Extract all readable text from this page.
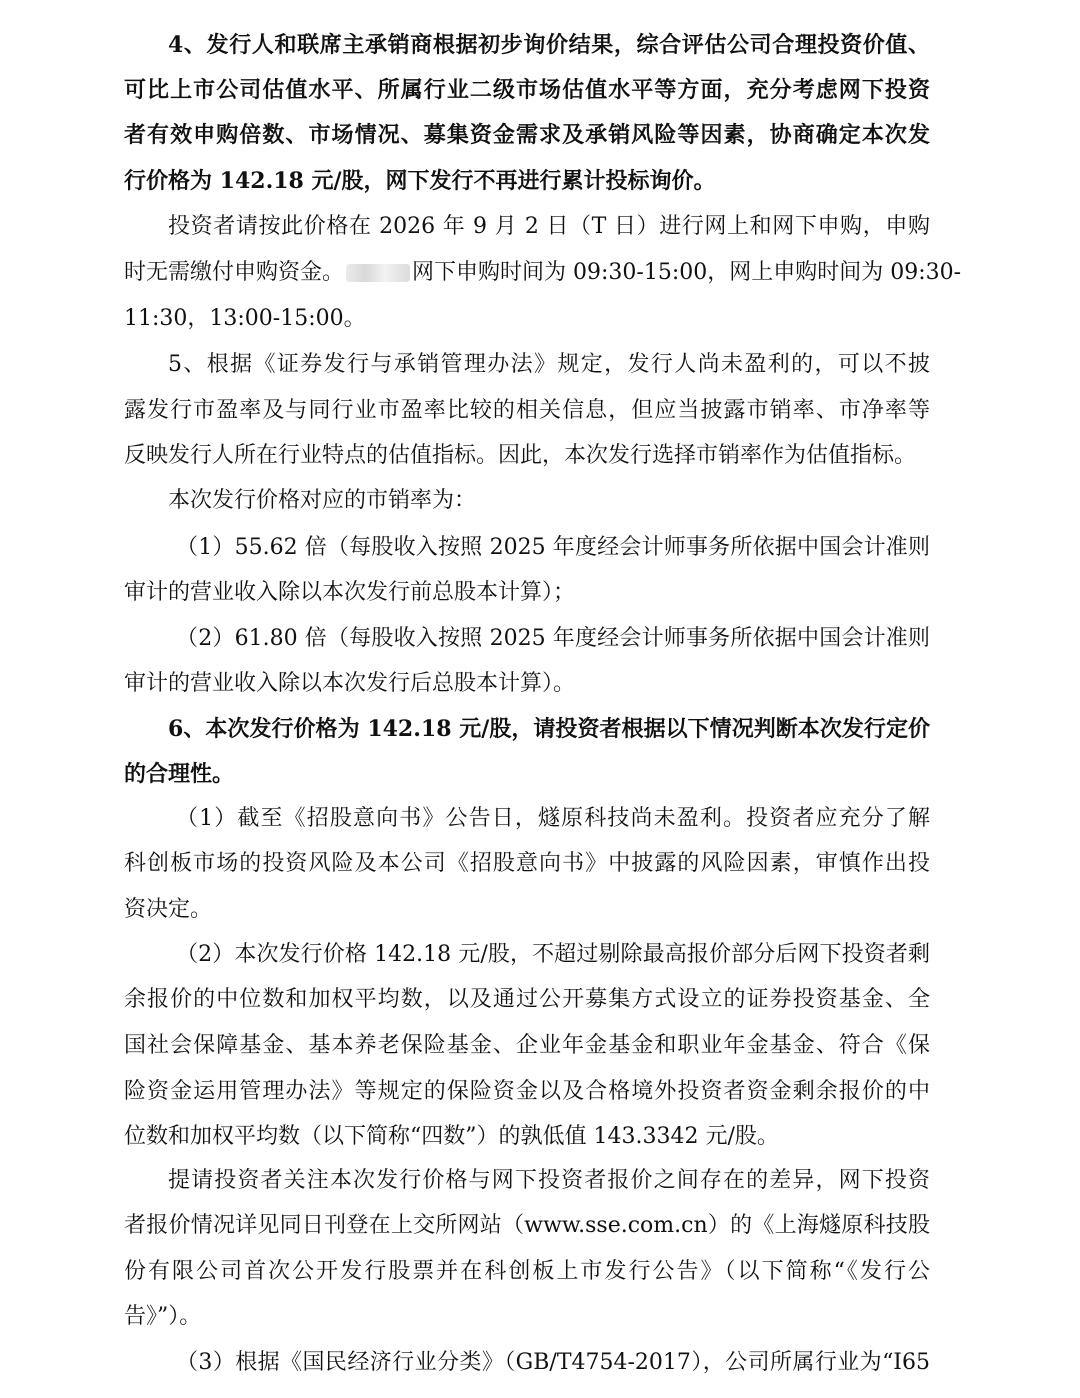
4、发行人和联席主承销商根据初步询价结果，综合评估公司合理投资价值、
可比上市公司估值水平、所属行业二级市场估值水平等方面，充分考虑网下投资
者有效申购倍数、市场情况、募集资金需求及承销风险等因素，协商确定本次发
行价格为 142.18 元/股，网下发行不再进行累计投标询价。
投资者请按此价格在 2026 年 9 月 2 日（T 日）进行网上和网下申购，申购
时无需缴付申购资金。	网下申购时间为 09:30-15:00，网上申购时间为 09:30-
11:30，13:00-15:00。
5、根据《证券发行与承销管理办法》规定，发行人尚未盈利的，可以不披
露发行市盈率及与同行业市盈率比较的相关信息，但应当披露市销率、市净率等
反映发行人所在行业特点的估值指标。因此，本次发行选择市销率作为估值指标。
本次发行价格对应的市销率为：
（1）55.62 倍（每股收入按照 2025 年度经会计师事务所依据中国会计准则
审计的营业收入除以本次发行前总股本计算）；
（2）61.80 倍（每股收入按照 2025 年度经会计师事务所依据中国会计准则
审计的营业收入除以本次发行后总股本计算）。
6、本次发行价格为 142.18 元/股，请投资者根据以下情况判断本次发行定价
的合理性。
（1）截至《招股意向书》公告日，燧原科技尚未盈利。投资者应充分了解
科创板市场的投资风险及本公司《招股意向书》中披露的风险因素，审慎作出投
资决定。
（2）本次发行价格 142.18 元/股，不超过剔除最高报价部分后网下投资者剩
余报价的中位数和加权平均数，以及通过公开募集方式设立的证券投资基金、全
国社会保障基金、基本养老保险基金、企业年金基金和职业年金基金、符合《保
险资金运用管理办法》等规定的保险资金以及合格境外投资者资金剩余报价的中
位数和加权平均数（以下简称“四数”）的孰低值 143.3342 元/股。
提请投资者关注本次发行价格与网下投资者报价之间存在的差异，网下投资
者报价情况详见同日刊登在上交所网站（www.sse.com.cn）的《上海燧原科技股
份有限公司首次公开发行股票并在科创板上市发行公告》（以下简称“《发行公
告》”）。
（3）根据《国民经济行业分类》（GB/T4754-2017），公司所属行业为“I65
